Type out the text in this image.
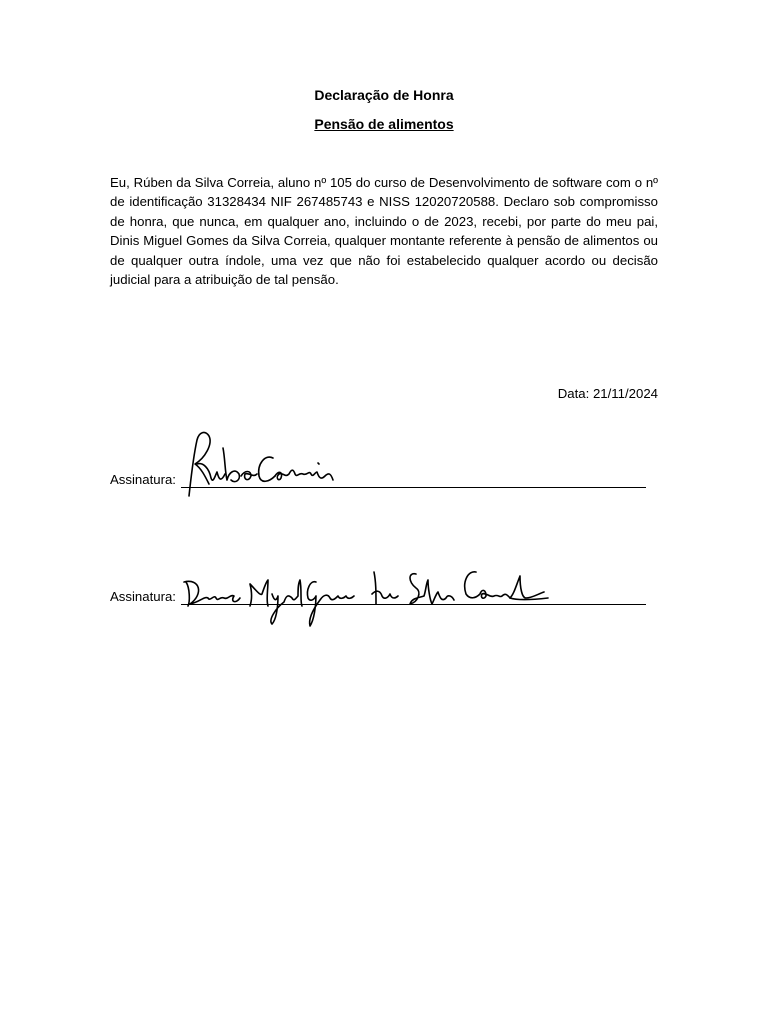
Declaração de Honra
Pensão de alimentos

Eu, Rúben da Silva Correia, aluno nº 105 do curso de Desenvolvimento de software com o nº de identificação 31328434 NIF 267485743 e NISS 12020720588. Declaro sob compromisso de honra, que nunca, em qualquer ano, incluindo o de 2023, recebi, por parte do meu pai, Dinis Miguel Gomes da Silva Correia, qualquer montante referente à pensão de alimentos ou de qualquer outra índole, uma vez que não foi estabelecido qualquer acordo ou decisão judicial para a atribuição de tal pensão.

Data: 21/11/2024
Assinatura:
Assinatura:
